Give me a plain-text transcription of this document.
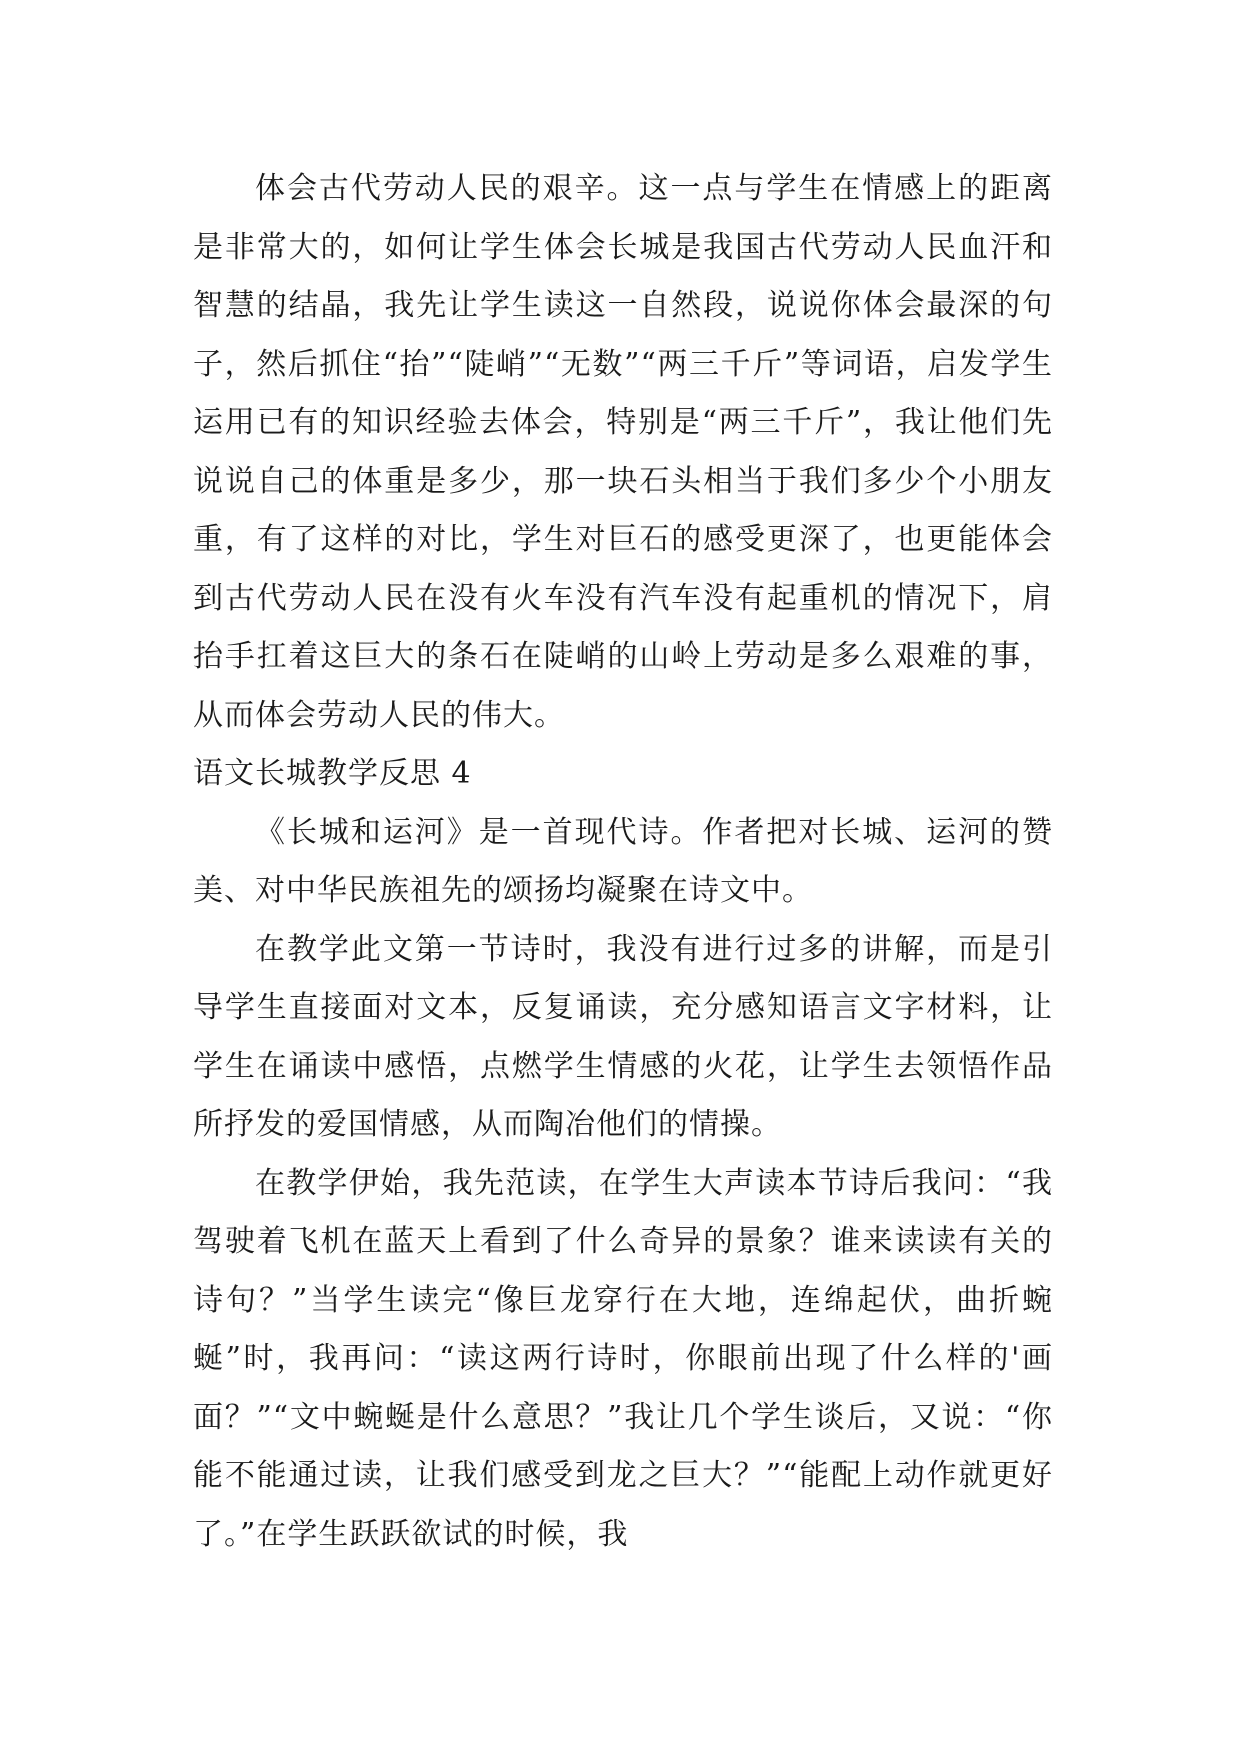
体会古代劳动人民的艰辛。这一点与学生在情感上的距离是非常大的，如何让学生体会长城是我国古代劳动人民血汗和智慧的结晶，我先让学生读这一自然段，说说你体会最深的句子，然后抓住“抬”“陡峭”“无数”“两三千斤”等词语，启发学生运用已有的知识经验去体会，特别是“两三千斤”，我让他们先说说自己的体重是多少，那一块石头相当于我们多少个小朋友重，有了这样的对比，学生对巨石的感受更深了，也更能体会到古代劳动人民在没有火车没有汽车没有起重机的情况下，肩抬手扛着这巨大的条石在陡峭的山岭上劳动是多么艰难的事，从而体会劳动人民的伟大。

语文长城教学反思 4

《长城和运河》是一首现代诗。作者把对长城、运河的赞美、对中华民族祖先的颂扬均凝聚在诗文中。

在教学此文第一节诗时，我没有进行过多的讲解，而是引导学生直接面对文本，反复诵读，充分感知语言文字材料，让学生在诵读中感悟，点燃学生情感的火花，让学生去领悟作品所抒发的爱国情感，从而陶冶他们的情操。

在教学伊始，我先范读，在学生大声读本节诗后我问：“我驾驶着飞机在蓝天上看到了什么奇异的景象？谁来读读有关的诗句？”当学生读完“像巨龙穿行在大地，连绵起伏，曲折蜿蜒”时，我再问：“读这两行诗时，你眼前出现了什么样的'画面？”“文中蜿蜒是什么意思？”我让几个学生谈后，又说：“你能不能通过读，让我们感受到龙之巨大？”“能配上动作就更好了。”在学生跃跃欲试的时候，我
